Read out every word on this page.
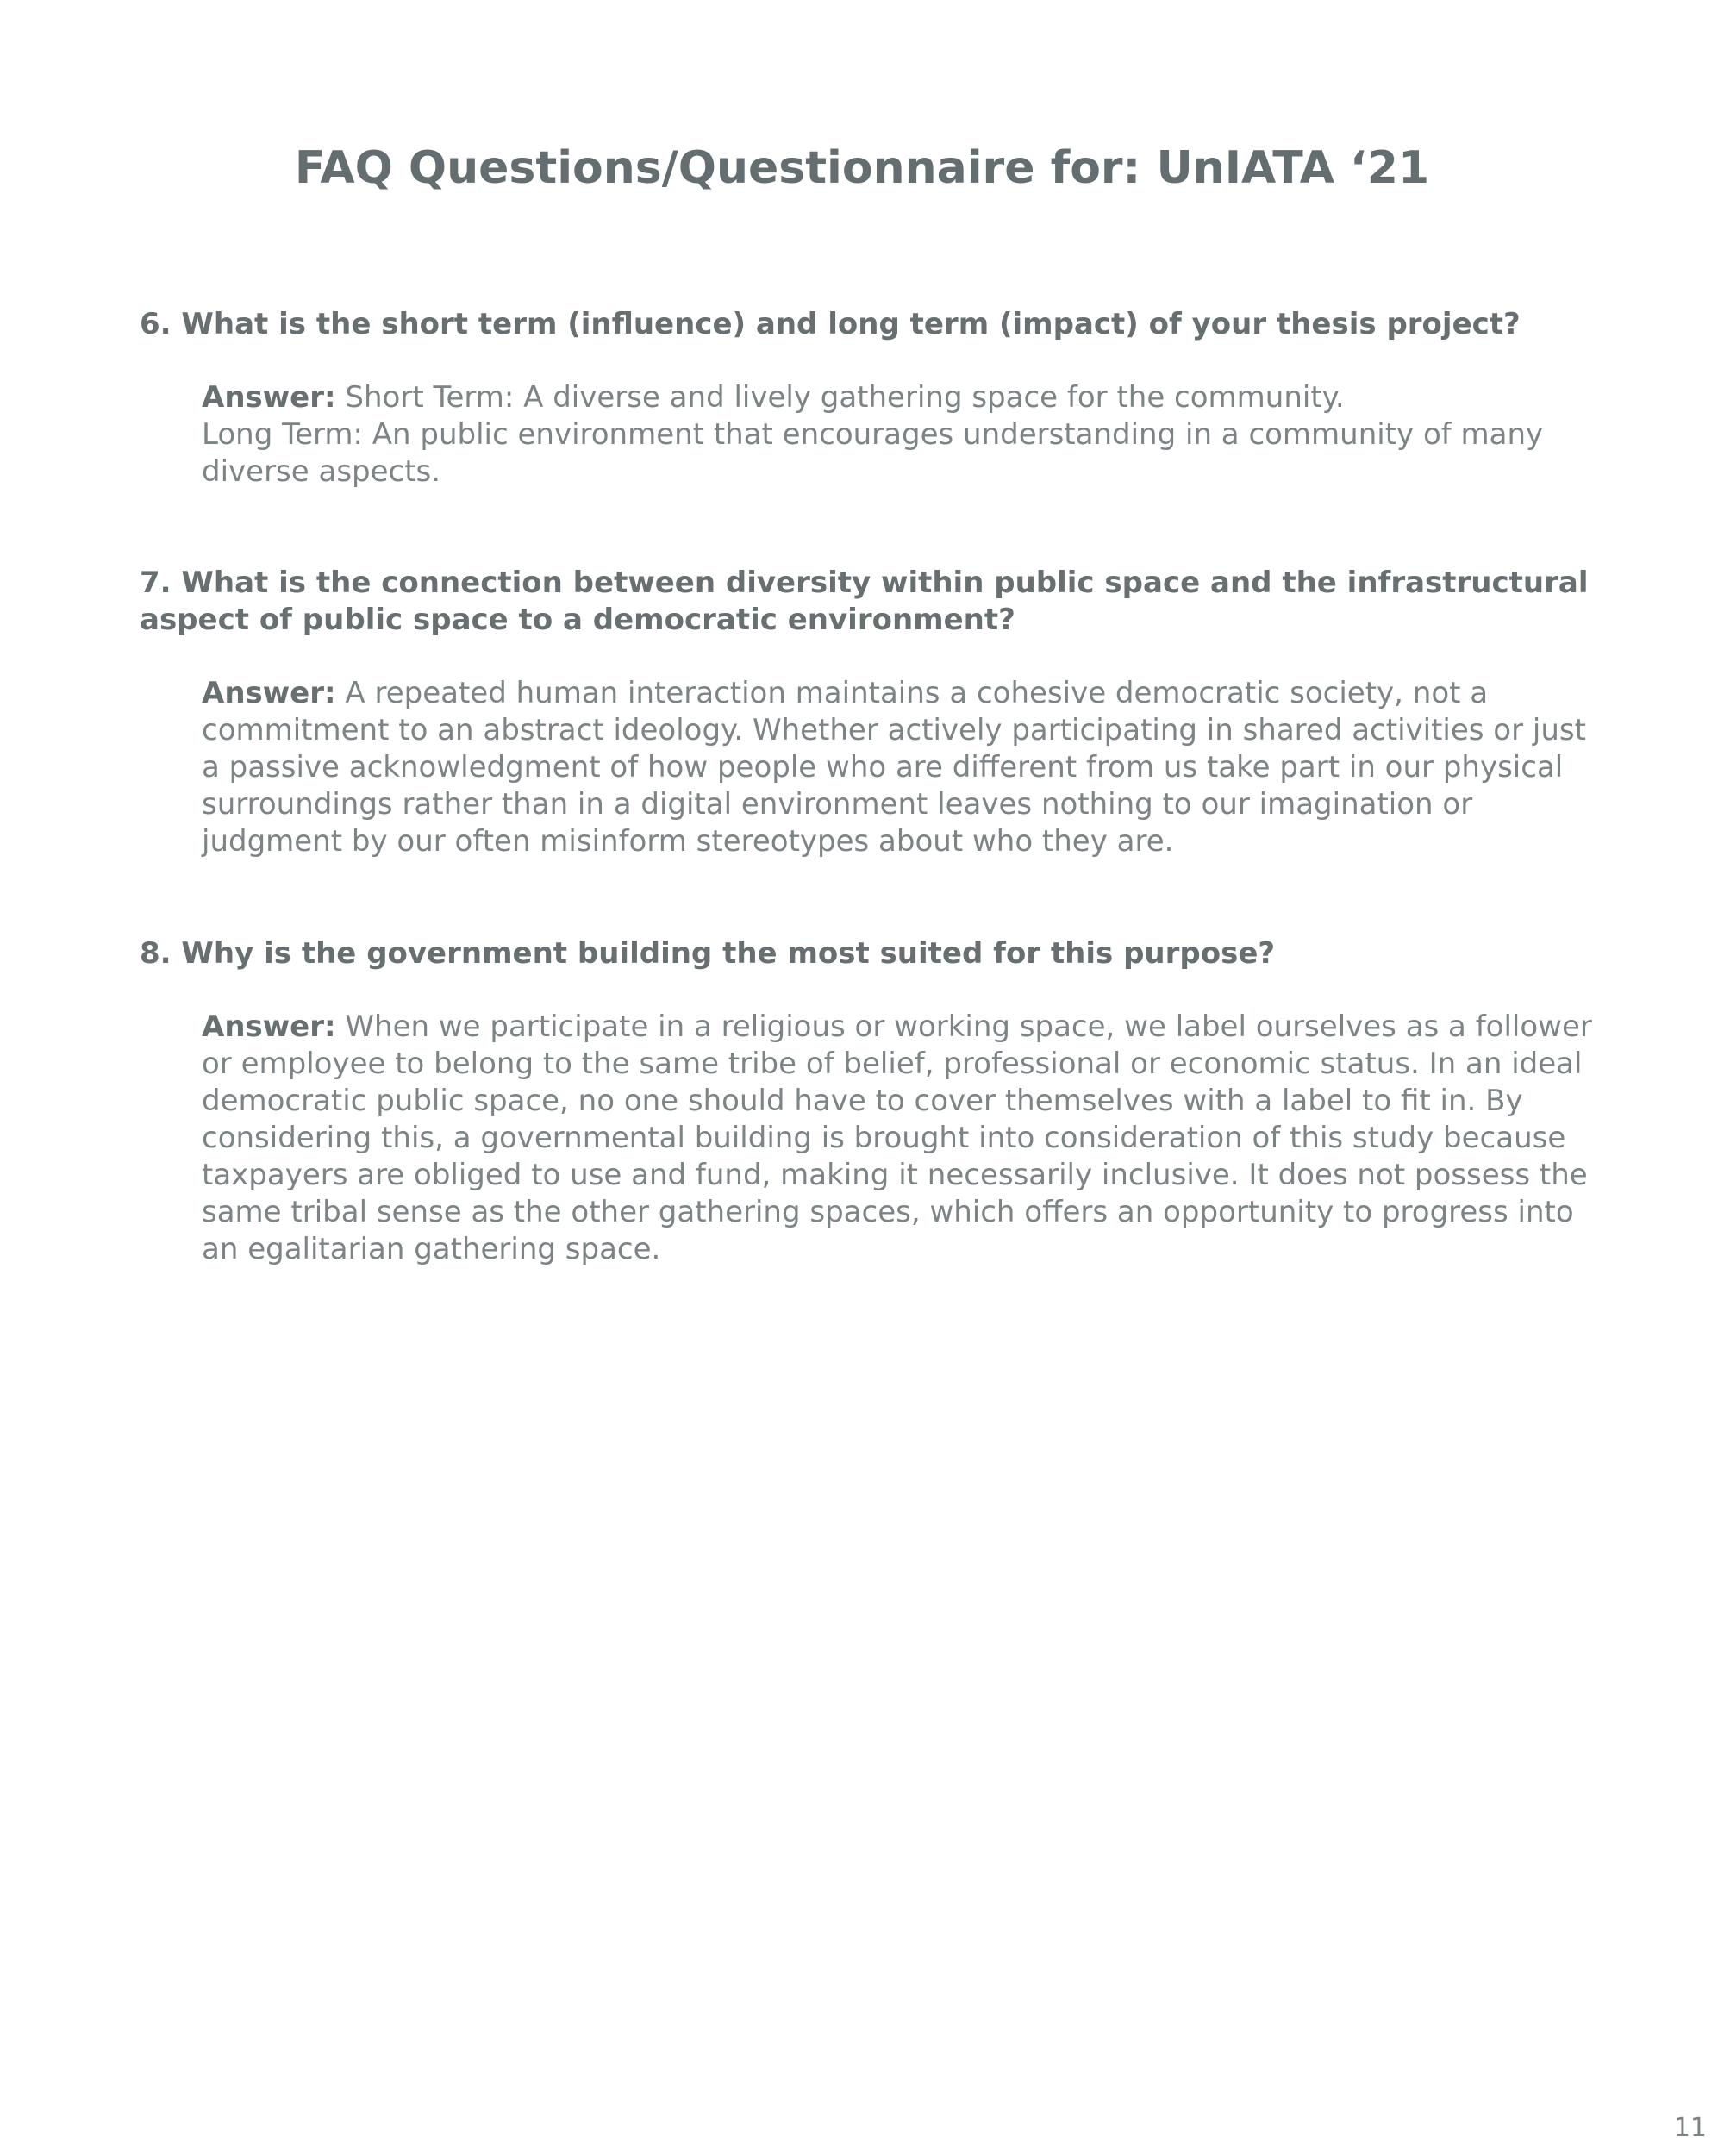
FAQ Questions/Questionnaire for: UnIATA ‘21

6. What is the short term (influence) and long term (impact) of your thesis project?

Answer: Short Term: A diverse and lively gathering space for the community.
Long Term: An public environment that encourages understanding in a community of many diverse aspects.

7. What is the connection between diversity within public space and the infrastructural aspect of public space to a democratic environment?

Answer: A repeated human interaction maintains a cohesive democratic society, not a commitment to an abstract ideology. Whether actively participating in shared activities or just a passive acknowledgment of how people who are different from us take part in our physical surroundings rather than in a digital environment leaves nothing to our imagination or judgment by our often misinform stereotypes about who they are.

8. Why is the government building the most suited for this purpose?

Answer: When we participate in a religious or working space, we label ourselves as a follower or employee to belong to the same tribe of belief, professional or economic status. In an ideal democratic public space, no one should have to cover themselves with a label to fit in. By considering this, a governmental building is brought into consideration of this study because taxpayers are obliged to use and fund, making it necessarily inclusive. It does not possess the same tribal sense as the other gathering spaces, which offers an opportunity to progress into an egalitarian gathering space.

11
